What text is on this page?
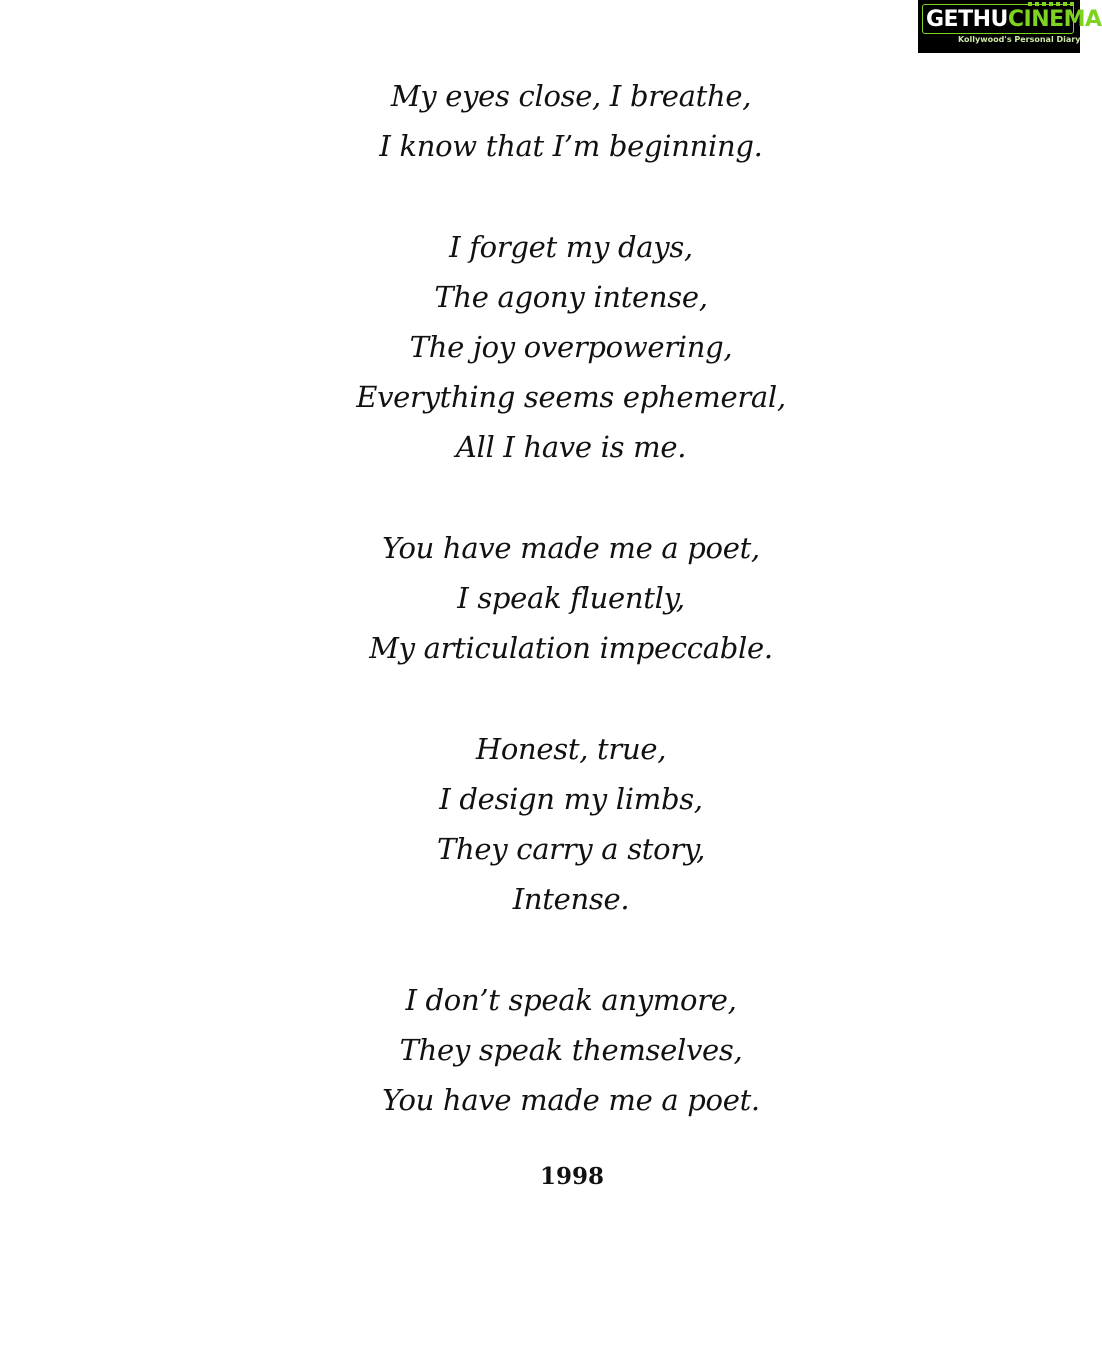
GETHUCINEMA
Kollywood's Personal Diary
My eyes close, I breathe,
I know that I’m beginning.
I forget my days,
The agony intense,
The joy overpowering,
Everything seems ephemeral,
All I have is me.
You have made me a poet,
I speak fluently,
My articulation impeccable.
Honest, true,
I design my limbs,
They carry a story,
Intense.
I don’t speak anymore,
They speak themselves,
You have made me a poet.
1998
